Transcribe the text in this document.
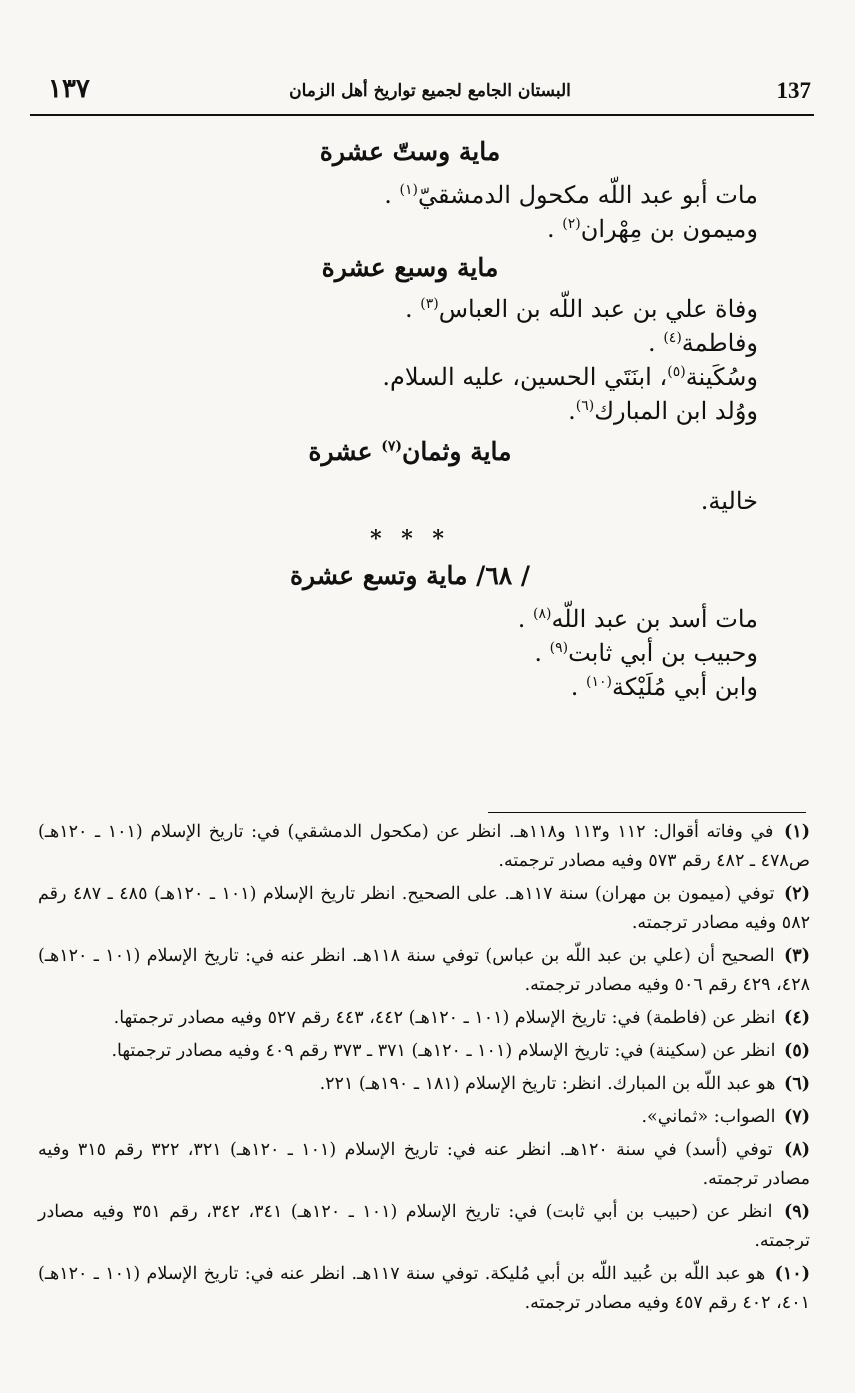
١٣٧	البستان الجامع لجميع تواريخ أهل الزمان	137
ماية وستّ عشرة
مات أبو عبد اللّه مكحول الدمشقيّ$^{(١)}$ .
وميمون بن مِهْران$^{(٢)}$ .
ماية وسبع عشرة
وفاة علي بن عبد اللّه بن العباس$^{(٣)}$ .
وفاطمة$^{(٤)}$ .
وسُكَينة$^{(٥)}$، ابنَتَي الحسين، عليه السلام.
ووُلد ابن المبارك$^{(٦)}$.
ماية وثمان$^{(٧)}$ عشرة
خالية.
* * *
/ ٦٨/ ماية وتسع عشرة
مات أسد بن عبد اللّه$^{(٨)}$ .
وحبيب بن أبي ثابت$^{(٩)}$ .
وابن أبي مُلَيْكة$^{(١٠)}$ .

(١) في وفاته أقوال: ١١٢ و١١٣ و١١٨هـ. انظر عن (مكحول الدمشقي) في: تاريخ الإسلام (١٠١ ـ ١٢٠هـ) ص٤٧٨ ـ ٤٨٢ رقم ٥٧٣ وفيه مصادر ترجمته.

(٢) توفي (ميمون بن مهران) سنة ١١٧هـ. على الصحيح. انظر تاريخ الإسلام (١٠١ ـ ١٢٠هـ) ٤٨٥ ـ ٤٨٧ رقم ٥٨٢ وفيه مصادر ترجمته.

(٣) الصحيح أن (علي بن عبد اللّه بن عباس) توفي سنة ١١٨هـ. انظر عنه في: تاريخ الإسلام (١٠١ ـ ١٢٠هـ) ٤٢٨، ٤٢٩ رقم ٥٠٦ وفيه مصادر ترجمته.

(٤) انظر عن (فاطمة) في: تاريخ الإسلام (١٠١ ـ ١٢٠هـ) ٤٤٢، ٤٤٣ رقم ٥٢٧ وفيه مصادر ترجمتها.

(٥) انظر عن (سكينة) في: تاريخ الإسلام (١٠١ ـ ١٢٠هـ) ٣٧١ ـ ٣٧٣ رقم ٤٠٩ وفيه مصادر ترجمتها.

(٦) هو عبد اللّه بن المبارك. انظر: تاريخ الإسلام (١٨١ ـ ١٩٠هـ) ٢٢١.

(٧) الصواب: «ثماني».

(٨) توفي (أسد) في سنة ١٢٠هـ. انظر عنه في: تاريخ الإسلام (١٠١ ـ ١٢٠هـ) ٣٢١، ٣٢٢ رقم ٣١٥ وفيه مصادر ترجمته.

(٩) انظر عن (حبيب بن أبي ثابت) في: تاريخ الإسلام (١٠١ ـ ١٢٠هـ) ٣٤١، ٣٤٢، رقم ٣٥١ وفيه مصادر ترجمته.

(١٠) هو عبد اللّه بن عُبيد اللّه بن أبي مُليكة. توفي سنة ١١٧هـ. انظر عنه في: تاريخ الإسلام (١٠١ ـ ١٢٠هـ) ٤٠١، ٤٠٢ رقم ٤٥٧ وفيه مصادر ترجمته.
